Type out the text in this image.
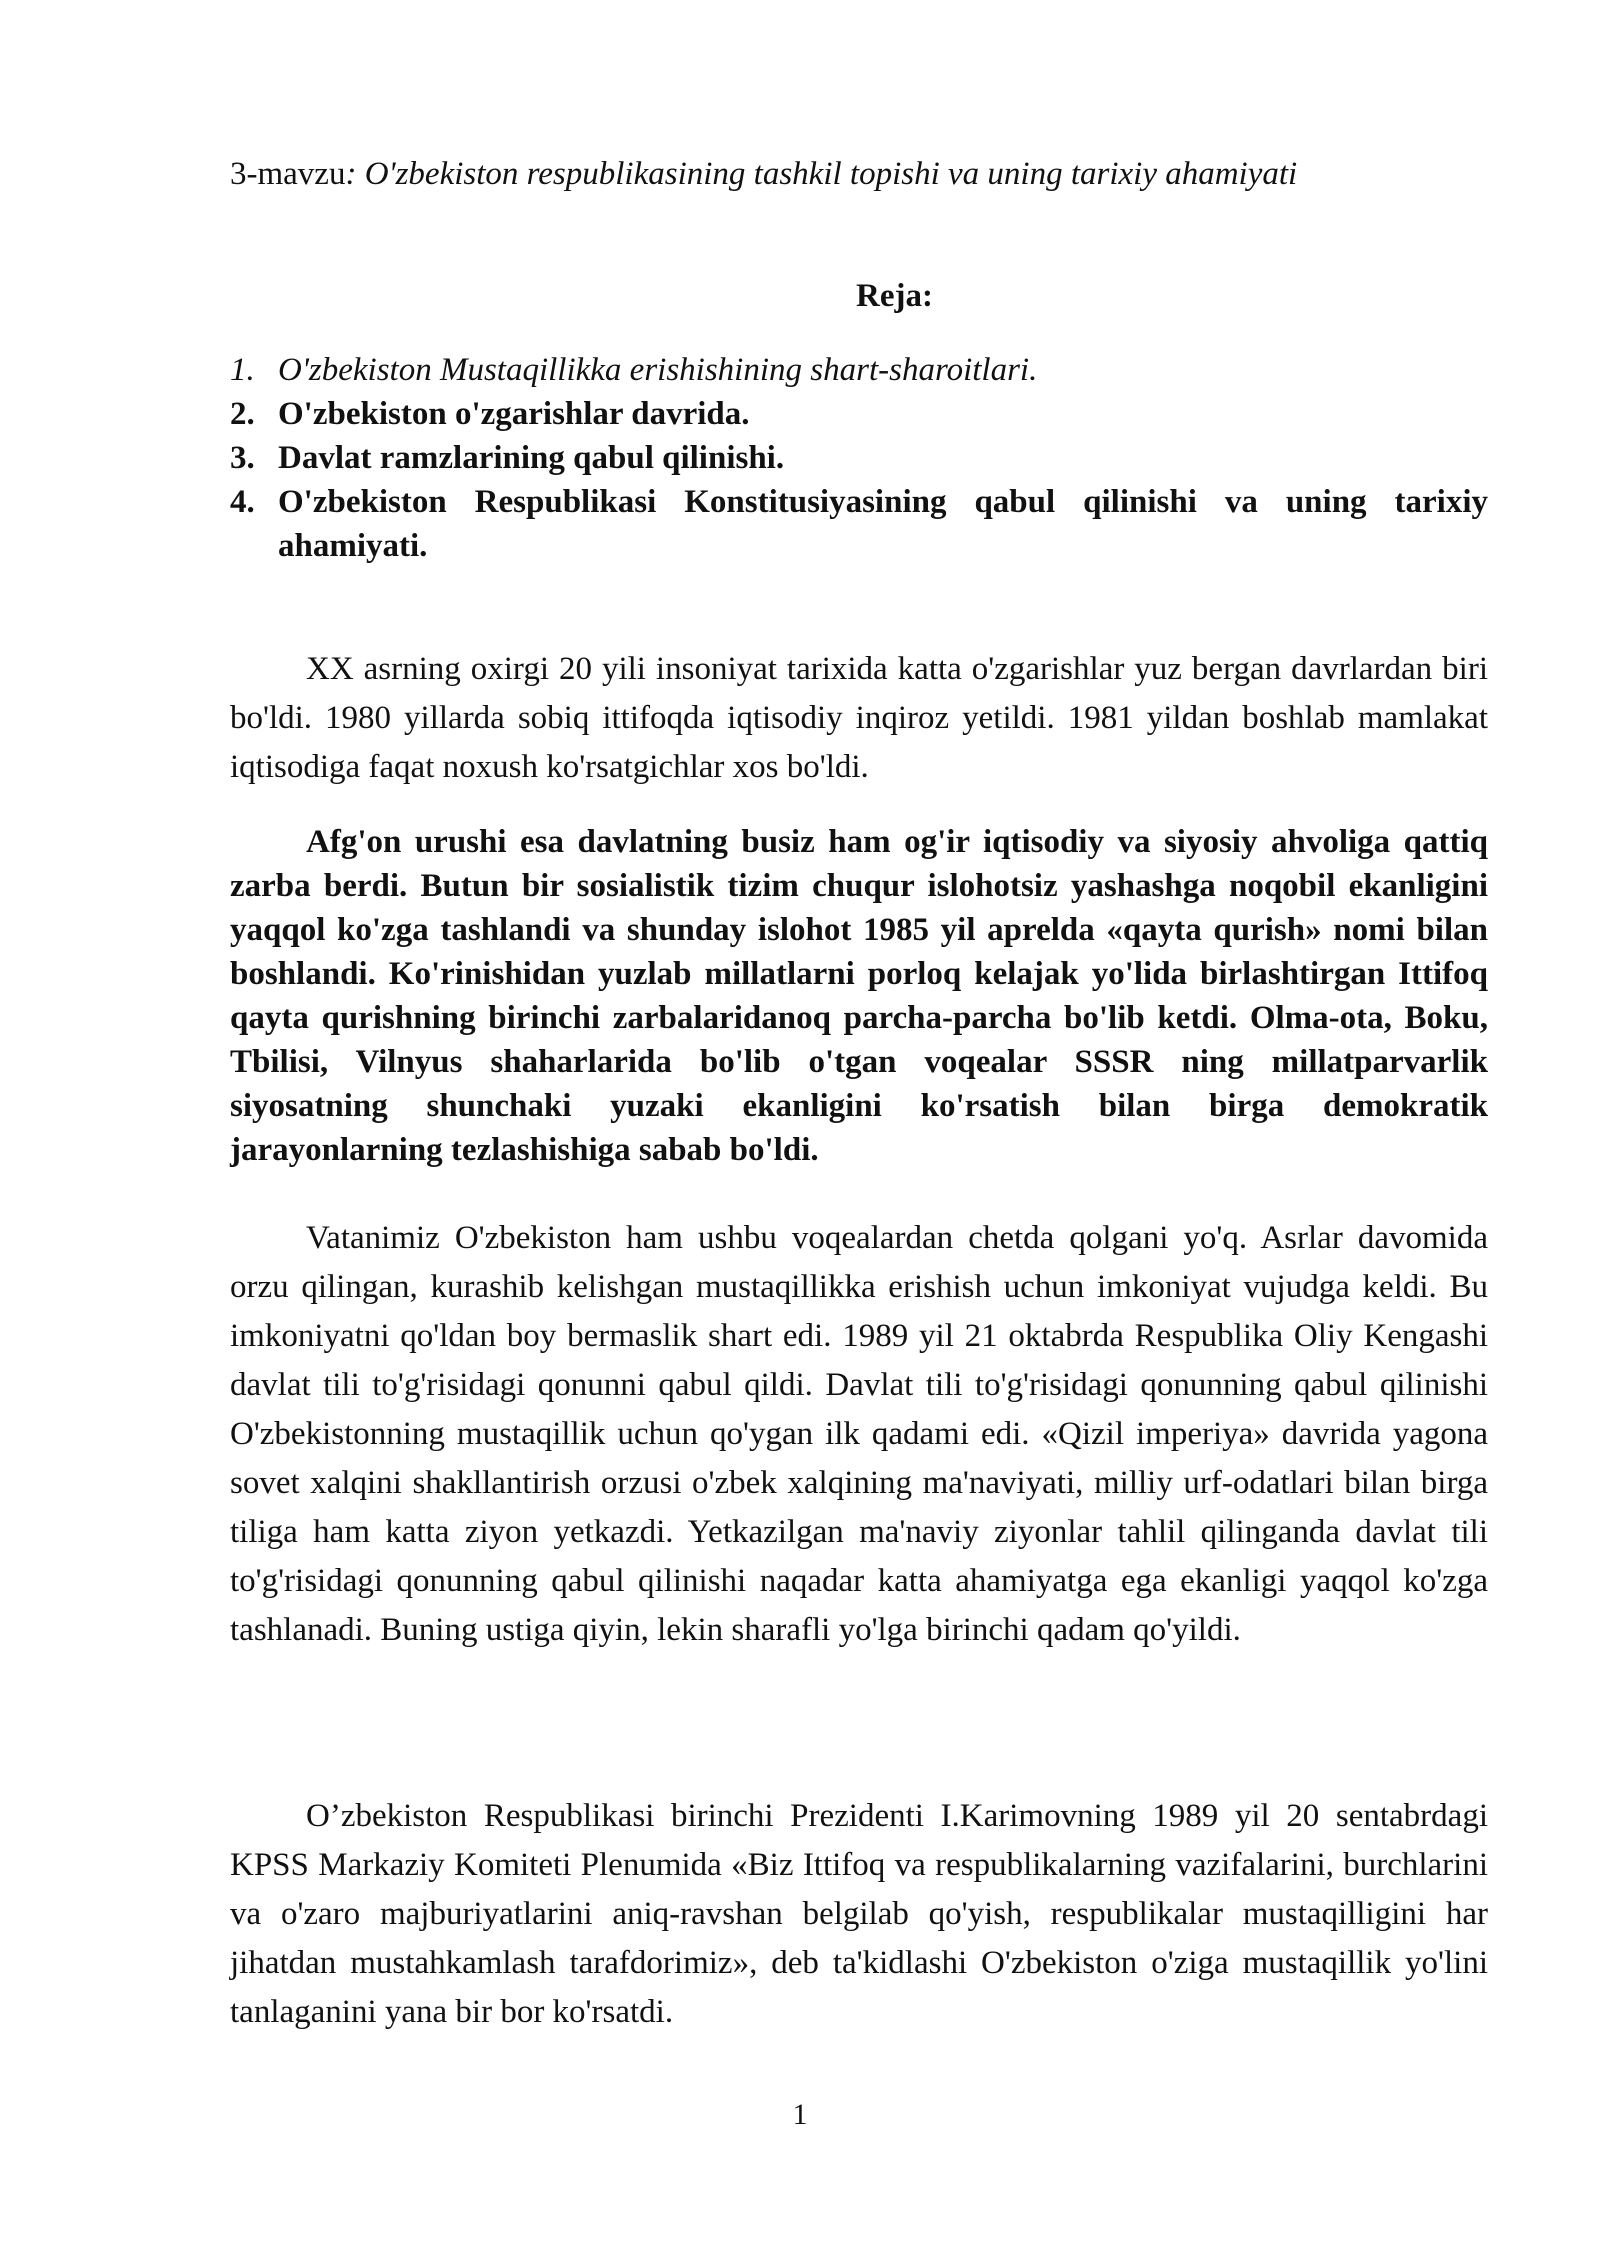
3-mavzu: O'zbekiston respublikasining tashkil topishi va uning tarixiy ahamiyati
Reja:
1. O'zbekiston Mustaqillikka erishishining shart-sharoitlari.
2. O'zbekiston o'zgarishlar davrida.
3. Davlat ramzlarining qabul qilinishi.
4. O'zbekiston Respublikasi Konstitusiyasining qabul qilinishi va uning tarixiy ahamiyati.

XX asrning oxirgi 20 yili insoniyat tarixida katta o'zgarishlar yuz bergan davrlardan biri bo'ldi. 1980 yillarda sobiq ittifoqda iqtisodiy inqiroz yetildi. 1981 yildan boshlab mamlakat iqtisodiga faqat noxush ko'rsatgichlar xos bo'ldi.

Afg'on urushi esa davlatning busiz ham og'ir iqtisodiy va siyosiy ahvoliga qattiq zarba berdi. Butun bir sosialistik tizim chuqur islohotsiz yashashga noqobil ekanligini yaqqol ko'zga tashlandi va shunday islohot 1985 yil aprelda «qayta qurish» nomi bilan boshlandi. Ko'rinishidan yuzlab millatlarni porloq kelajak yo'lida birlashtirgan Ittifoq qayta qurishning birinchi zarbalaridanoq parcha-parcha bo'lib ketdi. Olma-ota, Boku, Tbilisi, Vilnyus shaharlarida bo'lib o'tgan voqealar SSSR ning millatparvarlik siyosatning shunchaki yuzaki ekanligini ko'rsatish bilan birga demokratik jarayonlarning tezlashishiga sabab bo'ldi.

Vatanimiz O'zbekiston ham ushbu voqealardan chetda qolgani yo'q. Asrlar davomida orzu qilingan, kurashib kelishgan mustaqillikka erishish uchun imkoniyat vujudga keldi. Bu imkoniyatni qo'ldan boy bermaslik shart edi. 1989 yil 21 oktabrda Respublika Oliy Kengashi davlat tili to'g'risidagi qonunni qabul qildi. Davlat tili to'g'risidagi qonunning qabul qilinishi O'zbekistonning mustaqillik uchun qo'ygan ilk qadami edi. «Qizil imperiya» davrida yagona sovet xalqini shakllantirish orzusi o'zbek xalqining ma'naviyati, milliy urf-odatlari bilan birga tiliga ham katta ziyon yetkazdi. Yetkazilgan ma'naviy ziyonlar tahlil qilinganda davlat tili to'g'risidagi qonunning qabul qilinishi naqadar katta ahamiyatga ega ekanligi yaqqol ko'zga tashlanadi. Buning ustiga qiyin, lekin sharafli yo'lga birinchi qadam qo'yildi.

O’zbekiston Respublikasi birinchi Prezidenti I.Karimovning 1989 yil 20 sentabrdagi KPSS Markaziy Komiteti Plenumida «Biz Ittifoq va respublikalarning vazifalarini, burchlarini va o'zaro majburiyatlarini aniq-ravshan belgilab qo'yish, respublikalar mustaqilligini har jihatdan mustahkamlash tarafdorimiz», deb ta'kidlashi O'zbekiston o'ziga mustaqillik yo'lini tanlaganini yana bir bor ko'rsatdi.

1
